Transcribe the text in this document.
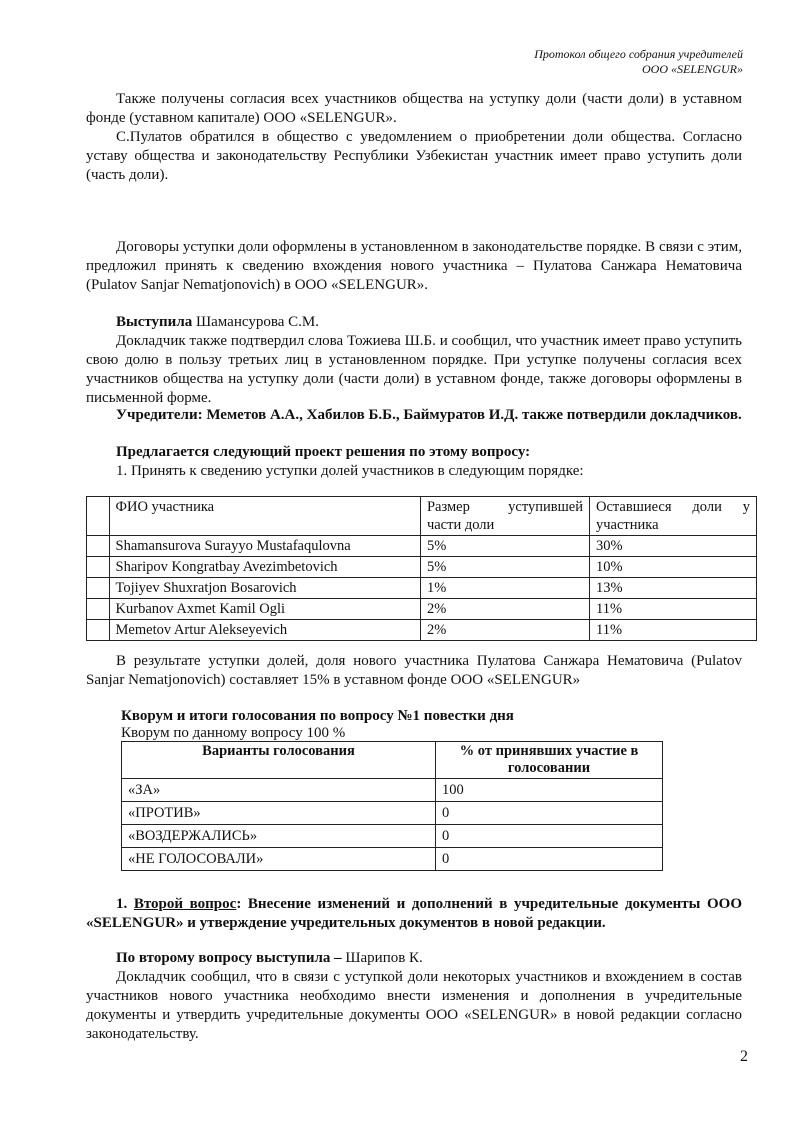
Протокол общего собрания учредителей
ООО «SELENGUR»
Также получены согласия всех участников общества на уступку доли (части доли) в уставном фонде (уставном капитале) ООО «SELENGUR».
С.Пулатов обратился в общество с уведомлением о приобретении доли общества. Согласно уставу общества и законодательству Республики Узбекистан участник имеет право уступить доли (часть доли).
Договоры уступки доли оформлены в установленном в законодательстве порядке. В связи с этим, предложил принять к сведению вхождения нового участника – Пулатова Санжара Нематовича (Pulatov Sanjar Nematjonovich) в ООО «SELENGUR».
Выступила Шамансурова С.М.
Докладчик также подтвердил слова Тожиева Ш.Б. и сообщил, что участник имеет право уступить свою долю в пользу третьих лиц в установленном порядке. При уступке получены согласия всех участников общества на уступку доли (части доли) в уставном фонде, также договоры оформлены в письменной форме.
Учредители: Меметов А.А., Хабилов Б.Б., Баймуратов И.Д. также потвердили докладчиков.
Предлагается следующий проект решения по этому вопросу:
1. Принять к сведению уступки долей участников в следующим порядке:
	ФИО участника	Размер уступившей части доли	Оставшиеся доли у участника
	Shamansurova Surayyo Mustafaqulovna	5%	30%
	Sharipov Kongratbay Avezimbetovich	5%	10%
	Tojiyev Shuxratjon Bosarovich	1%	13%
	Kurbanov Axmet Kamil Ogli	2%	11%
	Memetov Artur Alekseyevich	2%	11%
В результате уступки долей, доля нового участника Пулатова Санжара Нематовича (Pulatov Sanjar Nematjonovich) составляет 15% в уставном фонде ООО «SELENGUR»
Кворум и итоги голосования по вопросу №1 повестки дня
Кворум по данному вопросу 100 %
Варианты голосования	% от принявших участие в голосовании
«ЗА»	100
«ПРОТИВ»	0
«ВОЗДЕРЖАЛИСЬ»	0
«НЕ ГОЛОСОВАЛИ»	0
1. Второй вопрос: Внесение изменений и дополнений в учредительные документы ООО «SELENGUR» и утверждение учредительных документов в новой редакции.
По второму вопросу выступила – Шарипов К.
Докладчик сообщил, что в связи с уступкой доли некоторых участников и вхождением в состав участников нового участника необходимо внести изменения и дополнения в учредительные документы и утвердить учредительные документы ООО «SELENGUR» в новой редакции согласно законодательству.
2
